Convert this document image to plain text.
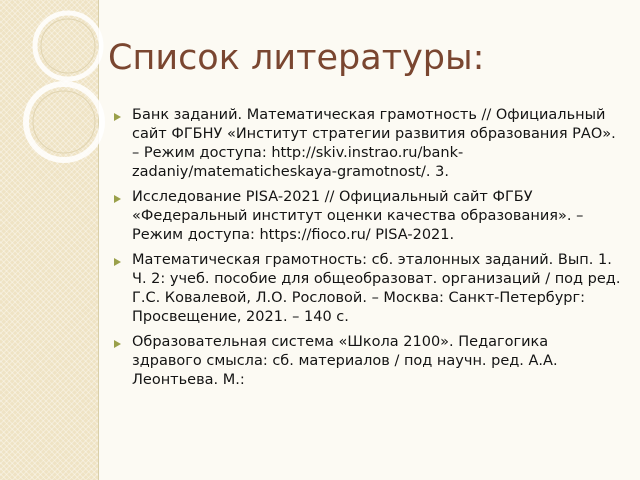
Список литературы:
Банк заданий. Математическая грамотность // Официальный сайт ФГБНУ «Институт стратегии развития образования РАО». – Режим доступа: http://skiv.instrao.ru/bank-zadaniy/matematicheskaya-gramotnost/. 3.
Исследование PISA-2021 // Официальный сайт ФГБУ «Федеральный институт оценки качества образования». – Режим доступа: https://fioco.ru/ PISA-2021.
Математическая грамотность: сб. эталонных заданий. Вып. 1. Ч. 2: учеб. пособие для общеобразоват. организаций / под ред. Г.С. Ковалевой, Л.О. Рословой. – Москва: Санкт-Петербург: Просвещение, 2021. – 140 с.
Образовательная система «Школа 2100». Педагогика здравого смысла: сб. материалов / под научн. ред. А.А. Леонтьева. М.:
